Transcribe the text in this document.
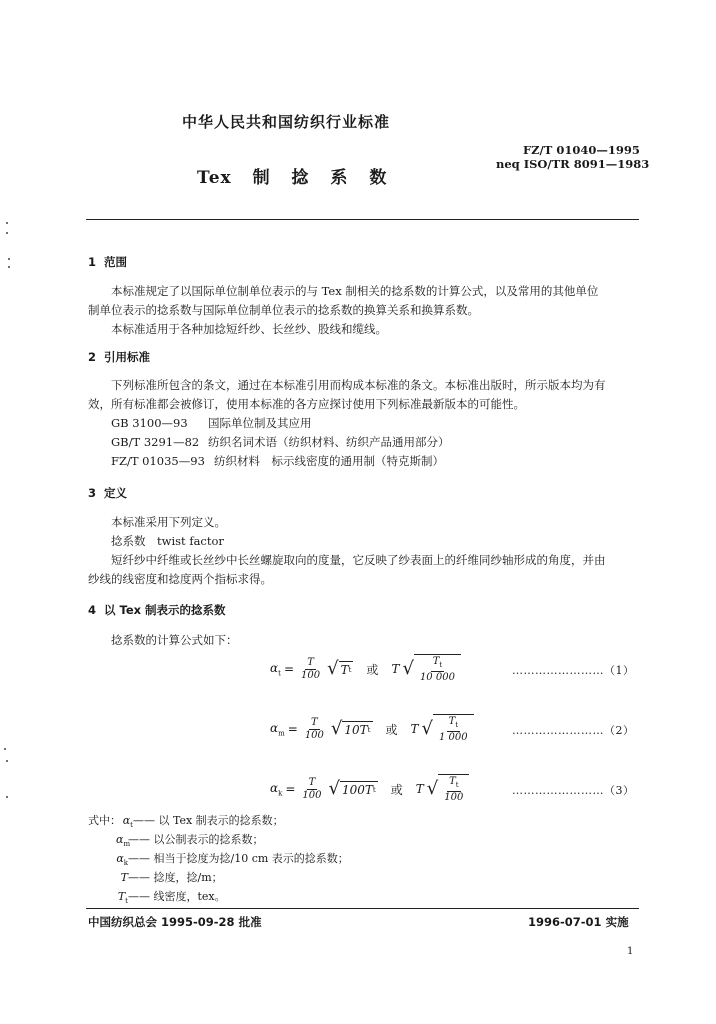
中华人民共和国纺织行业标准
FZ/T 01040—1995
neq ISO/TR 8091—1983
Tex 制 捻 系 数
1 范围
本标准规定了以国际单位制单位表示的与 Tex 制相关的捻系数的计算公式，以及常用的其他单位
制单位表示的捻系数与国际单位制单位表示的捻系数的换算关系和换算系数。
本标准适用于各种加捻短纤纱、长丝纱、股线和缆线。
2 引用标准
下列标准所包含的条文，通过在本标准引用而构成本标准的条文。本标准出版时，所示版本均为有
效，所有标准都会被修订，使用本标准的各方应探讨使用下列标准最新版本的可能性。
GB 3100—93 国际单位制及其应用
GB/T 3291—82 纺织名词术语（纺织材料、纺织产品通用部分）
FZ/T 01035—93 纺织材料　标示线密度的通用制（特克斯制）
3 定义
本标准采用下列定义。
捻系数　twist factor
短纤纱中纤维或长丝纱中长丝螺旋取向的度量，它反映了纱表面上的纤维同纱轴形成的角度，并由
纱线的线密度和捻度两个指标求得。
4 以 Tex 制表示的捻系数
捻系数的计算公式如下：
$\alpha_t = \frac{T}{100}$ √ T t 或 T √ $\frac{T_t}{10 000}$	……………………（1）
$\alpha_m = \frac{T}{100}$ √ 10T t 或 T √ $\frac{T_t}{1 000}$	……………………（2）
$\alpha_k = \frac{T}{100}$ √ 100T t 或 T √ $\frac{T_t}{100}$	……………………（3）
式中： $\alpha_t——$ 以 Tex 制表示的捻系数；
$\alpha_m——$ 以公制表示的捻系数；
$\alpha_k——$ 相当于捻度为捻/10 cm 表示的捻系数；
T—— 捻度，捻/m；
$T_t——$ 线密度，tex。
中国纺织总会 1995-09-28 批准	1996-07-01 实施
1
